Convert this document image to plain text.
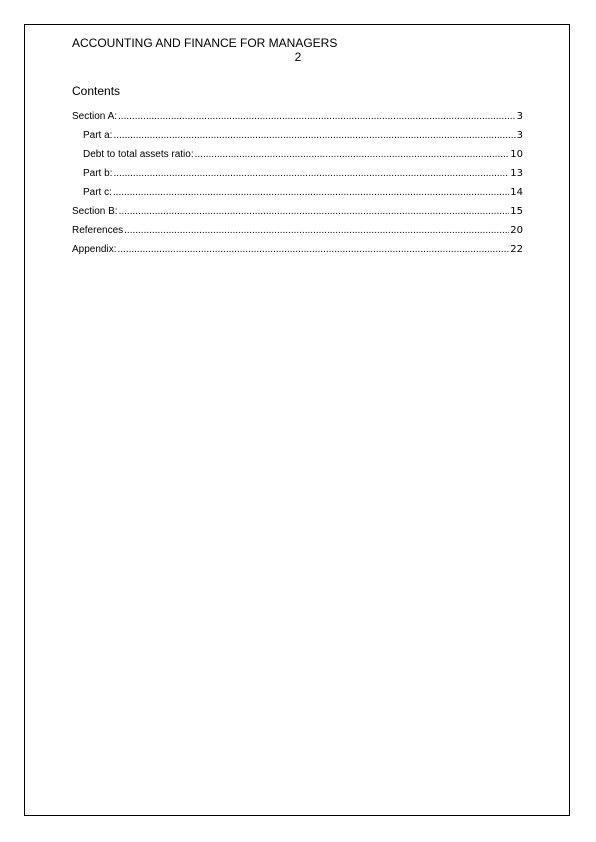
ACCOUNTING AND FINANCE FOR MANAGERS
2
Contents
Section A: .....	3
Part a: .....	3
Debt to total assets ratio: .....	10
Part b: .....	13
Part c: .....	14
Section B: .....	15
References .....	20
Appendix: .....	22
